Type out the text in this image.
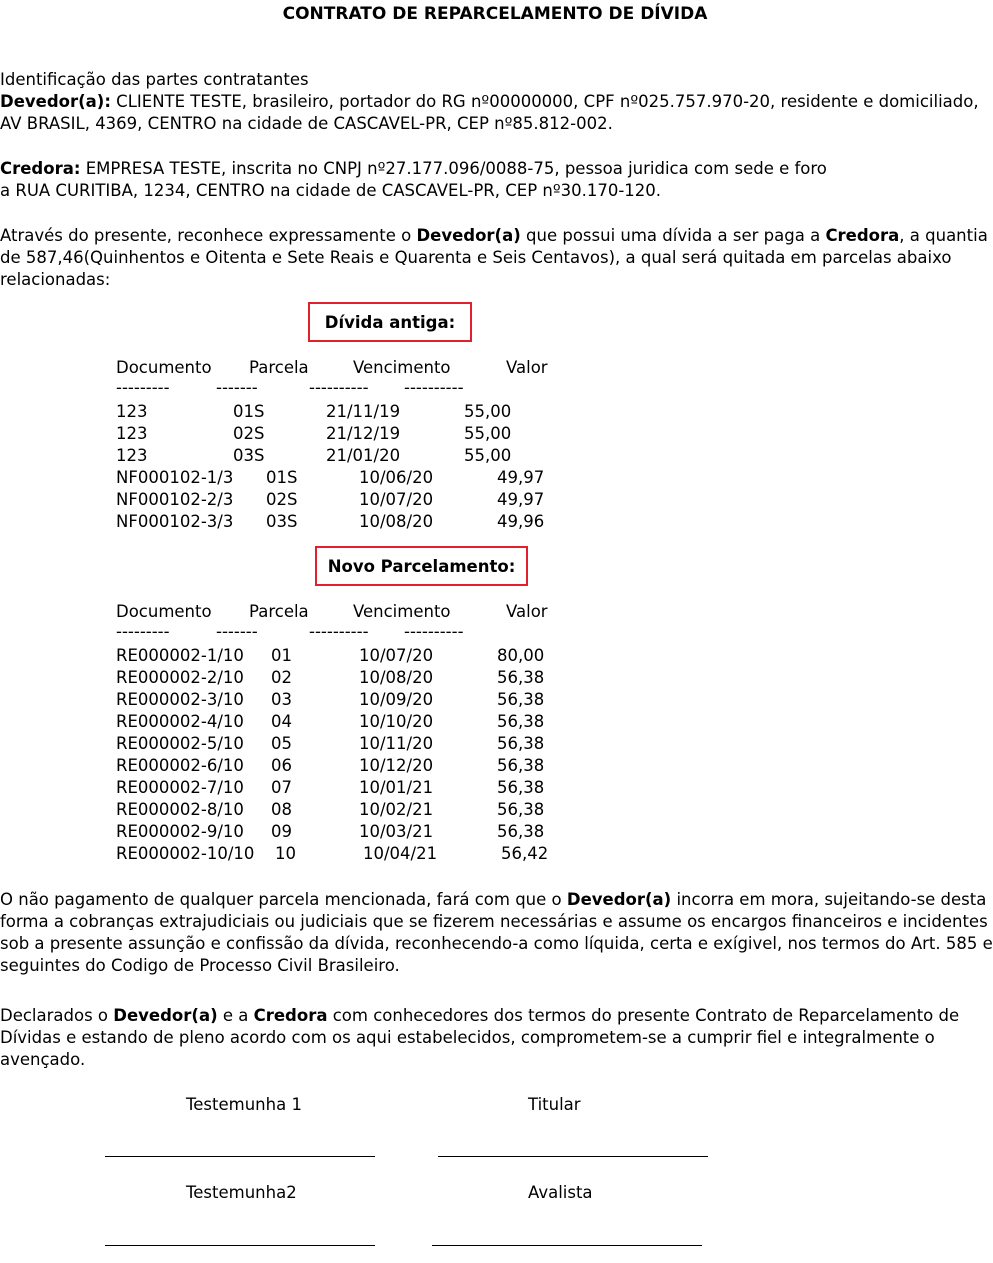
CONTRATO DE REPARCELAMENTO DE DÍVIDA
Identificação das partes contratantes
Devedor(a): CLIENTE TESTE, brasileiro, portador do RG nº00000000, CPF nº025.757.970-20, residente e domiciliado,
AV BRASIL, 4369, CENTRO na cidade de CASCAVEL-PR, CEP nº85.812-002.
Credora: EMPRESA TESTE, inscrita no CNPJ nº27.177.096/0088-75, pessoa juridica com sede e foro
a RUA CURITIBA, 1234, CENTRO na cidade de CASCAVEL-PR, CEP nº30.170-120.
Através do presente, reconhece expressamente o Devedor(a) que possui uma dívida a ser paga a Credora, a quantia
de 587,46(Quinhentos e Oitenta e Sete Reais e Quarenta e Seis Centavos), a qual será quitada em parcelas abaixo
relacionadas:
Dívida antiga:
Documento Parcela	Vencimento	Valor
---------	-------	---------- ----------
123	01S	21/11/19	55,00
123	02S	21/12/19	55,00
123	03S	21/01/20	55,00
NF000102-1/3 01S	10/06/20	49,97
NF000102-2/3 02S	10/07/20	49,97
NF000102-3/3 03S	10/08/20	49,96
Novo Parcelamento:
Documento Parcela	Vencimento	Valor
---------	-------	---------- ----------
RE000002-1/10 01	10/07/20	80,00
RE000002-2/10 02	10/08/20	56,38
RE000002-3/10 03	10/09/20	56,38
RE000002-4/10 04	10/10/20	56,38
RE000002-5/10 05	10/11/20	56,38
RE000002-6/10 06	10/12/20	56,38
RE000002-7/10 07	10/01/21	56,38
RE000002-8/10 08	10/02/21	56,38
RE000002-9/10 09	10/03/21	56,38
RE000002-10/10 10	10/04/21	56,42
O não pagamento de qualquer parcela mencionada, fará com que o Devedor(a) incorra em mora, sujeitando-se desta
forma a cobranças extrajudiciais ou judiciais que se fizerem necessárias e assume os encargos financeiros e incidentes
sob a presente assunção e confissão da dívida, reconhecendo-a como líquida, certa e exígivel, nos termos do Art. 585 e
seguintes do Codigo de Processo Civil Brasileiro.
Declarados o Devedor(a) e a Credora com conhecedores dos termos do presente Contrato de Reparcelamento de
Dívidas e estando de pleno acordo com os aqui estabelecidos, comprometem-se a cumprir fiel e integralmente o
avençado.
Testemunha 1	Titular
Testemunha2	Avalista
